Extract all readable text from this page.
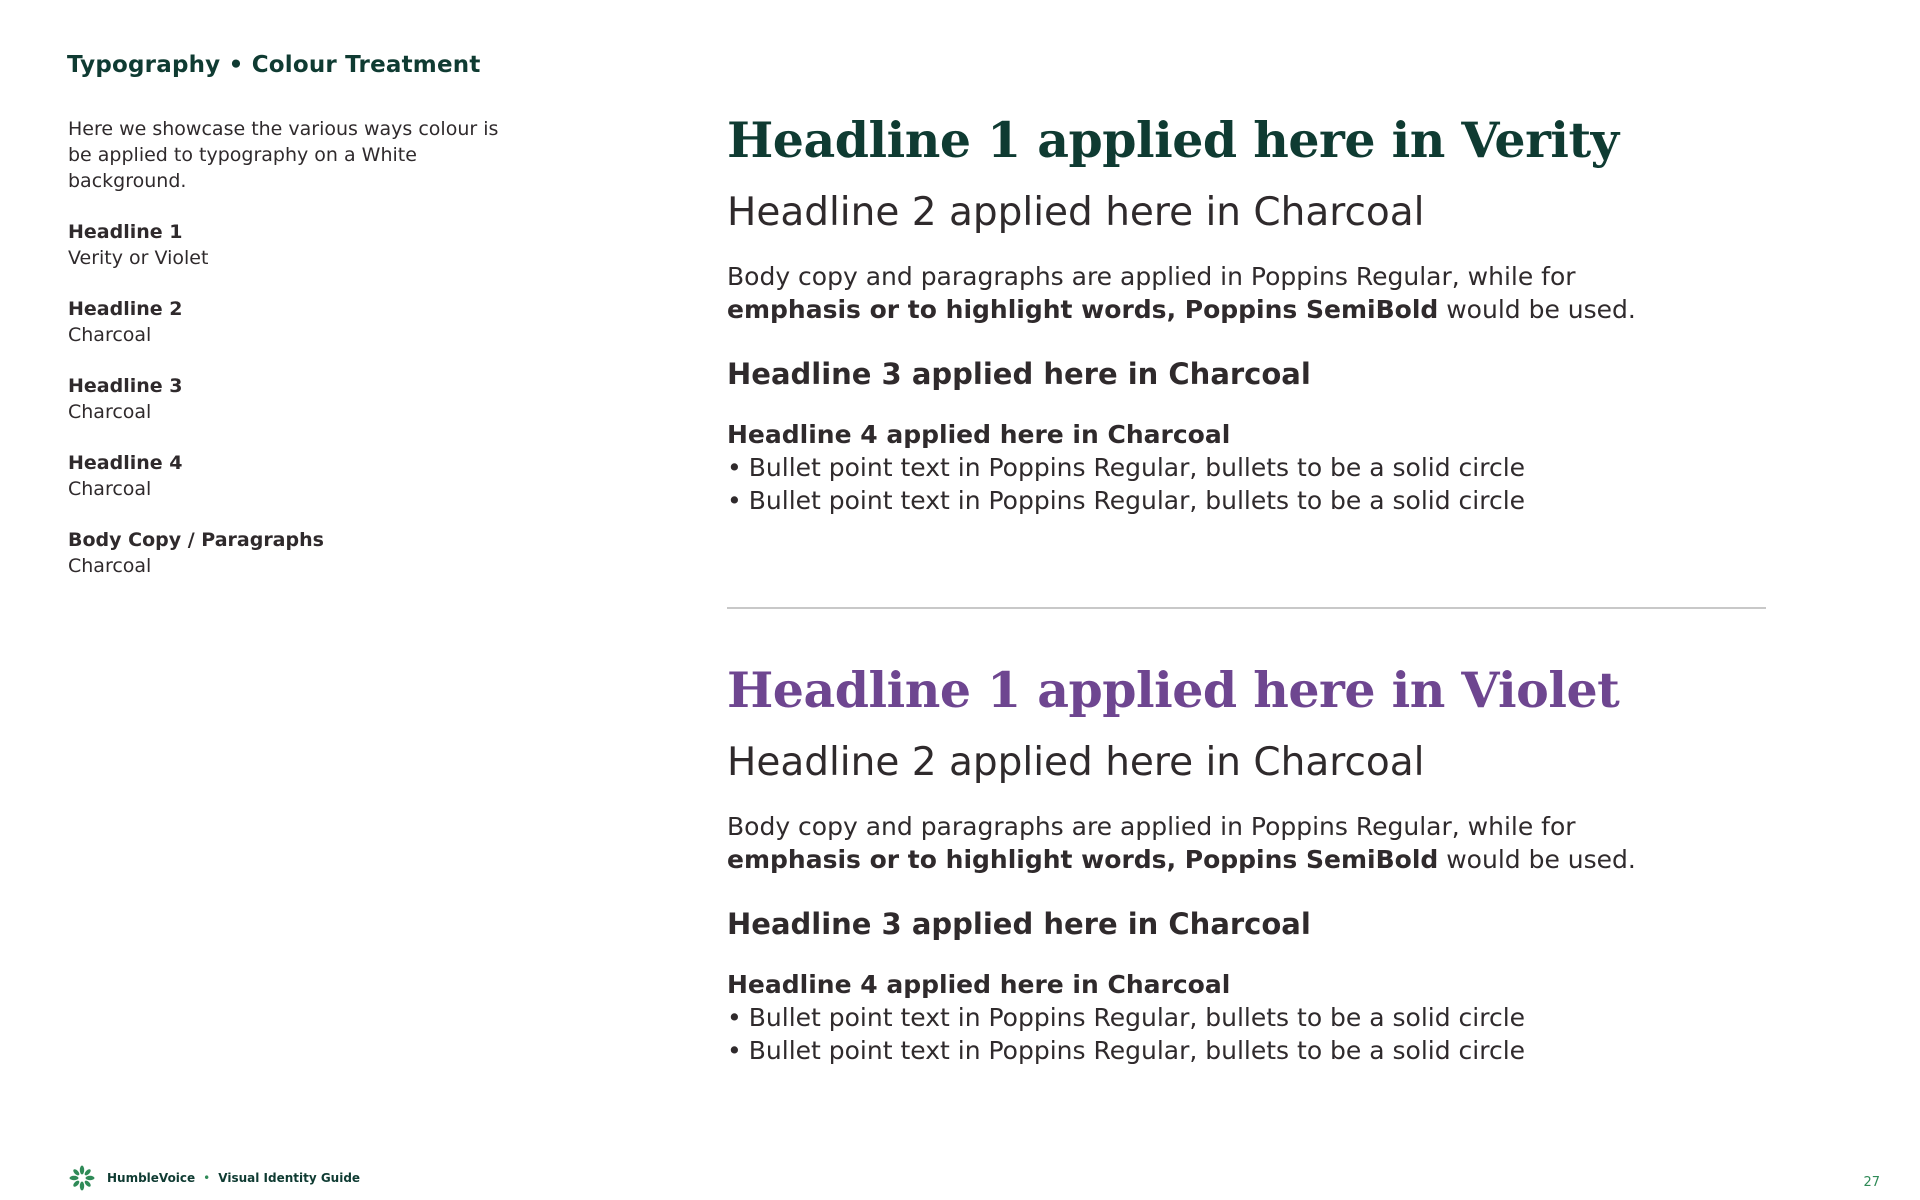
Typography • Colour Treatment

Here we showcase the various ways colour is be applied to typography on a White background.

Headline 1
Verity or Violet
Headline 2
Charcoal
Headline 3
Charcoal
Headline 4
Charcoal
Body Copy / Paragraphs
Charcoal
Headline 1 applied here in Verity
Headline 2 applied here in Charcoal

Body copy and paragraphs are applied in Poppins Regular, while for
emphasis or to highlight words, Poppins SemiBold would be used.

Headline 3 applied here in Charcoal
Headline 4 applied here in Charcoal
• Bullet point text in Poppins Regular, bullets to be a solid circle
• Bullet point text in Poppins Regular, bullets to be a solid circle
Headline 1 applied here in Violet
Headline 2 applied here in Charcoal

Body copy and paragraphs are applied in Poppins Regular, while for
emphasis or to highlight words, Poppins SemiBold would be used.

Headline 3 applied here in Charcoal
Headline 4 applied here in Charcoal
• Bullet point text in Poppins Regular, bullets to be a solid circle
• Bullet point text in Poppins Regular, bullets to be a solid circle
HumbleVoice • Visual Identity Guide	27
